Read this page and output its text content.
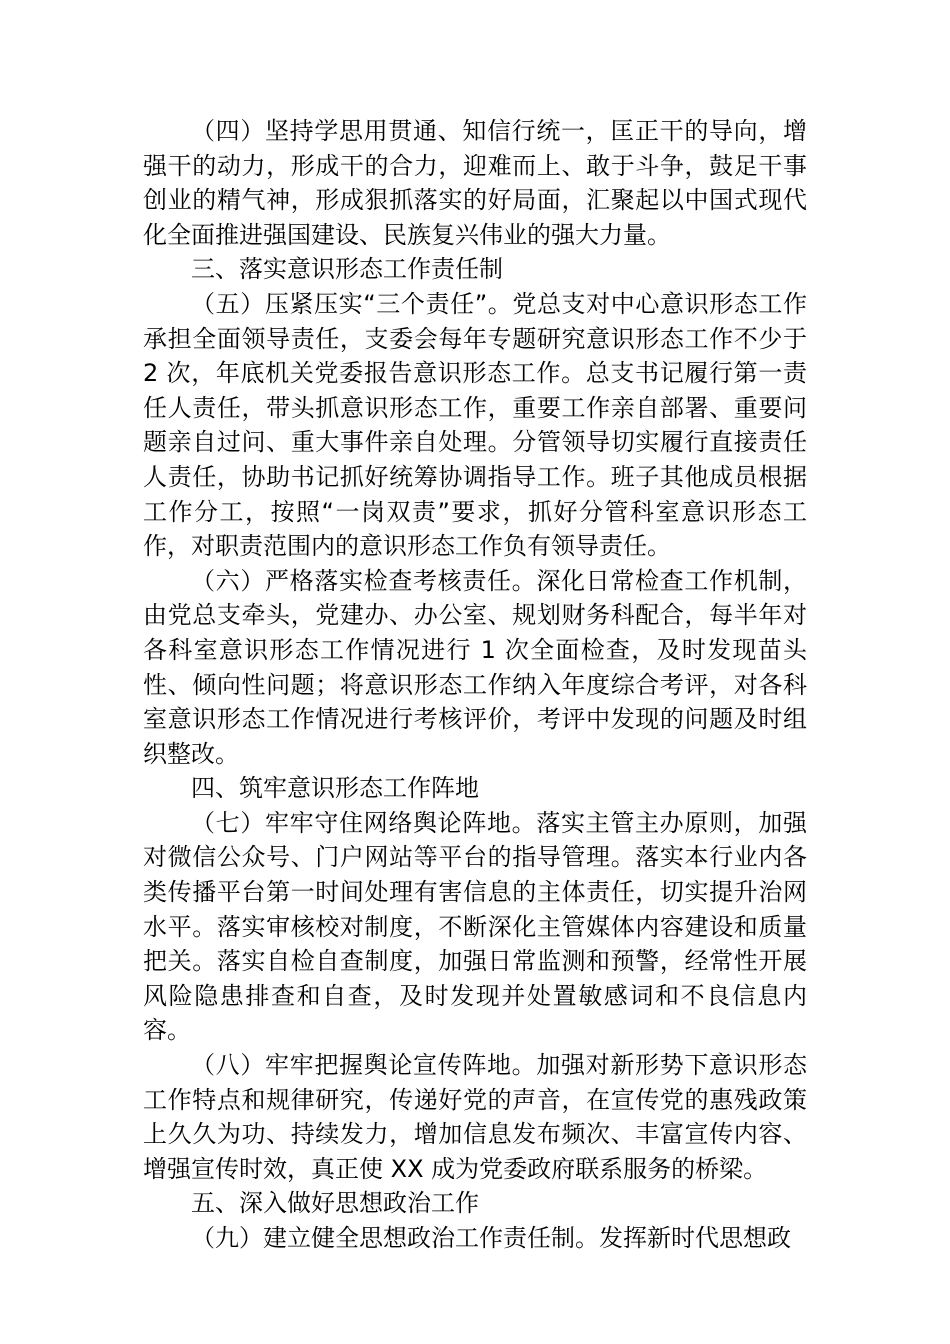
（四）坚持学思用贯通、知信行统一，匡正干的导向，增强干的动力，形成干的合力，迎难而上、敢于斗争，鼓足干事创业的精气神，形成狠抓落实的好局面，汇聚起以中国式现代化全面推进强国建设、民族复兴伟业的强大力量。

三、落实意识形态工作责任制

（五）压紧压实“三个责任”。党总支对中心意识形态工作承担全面领导责任，支委会每年专题研究意识形态工作不少于 2 次，年底机关党委报告意识形态工作。总支书记履行第一责任人责任，带头抓意识形态工作，重要工作亲自部署、重要问题亲自过问、重大事件亲自处理。分管领导切实履行直接责任人责任，协助书记抓好统筹协调指导工作。班子其他成员根据工作分工，按照“一岗双责”要求，抓好分管科室意识形态工作，对职责范围内的意识形态工作负有领导责任。

（六）严格落实检查考核责任。深化日常检查工作机制，由党总支牵头，党建办、办公室、规划财务科配合，每半年对各科室意识形态工作情况进行 1 次全面检查，及时发现苗头性、倾向性问题；将意识形态工作纳入年度综合考评，对各科室意识形态工作情况进行考核评价，考评中发现的问题及时组织整改。

四、筑牢意识形态工作阵地

（七）牢牢守住网络舆论阵地。落实主管主办原则，加强对微信公众号、门户网站等平台的指导管理。落实本行业内各类传播平台第一时间处理有害信息的主体责任，切实提升治网水平。落实审核校对制度，不断深化主管媒体内容建设和质量把关。落实自检自查制度，加强日常监测和预警，经常性开展风险隐患排查和自查，及时发现并处置敏感词和不良信息内容。

（八）牢牢把握舆论宣传阵地。加强对新形势下意识形态工作特点和规律研究，传递好党的声音，在宣传党的惠残政策上久久为功、持续发力，增加信息发布频次、丰富宣传内容、增强宣传时效，真正使 XX 成为党委政府联系服务的桥梁。

五、深入做好思想政治工作

（九）建立健全思想政治工作责任制。发挥新时代思想政
